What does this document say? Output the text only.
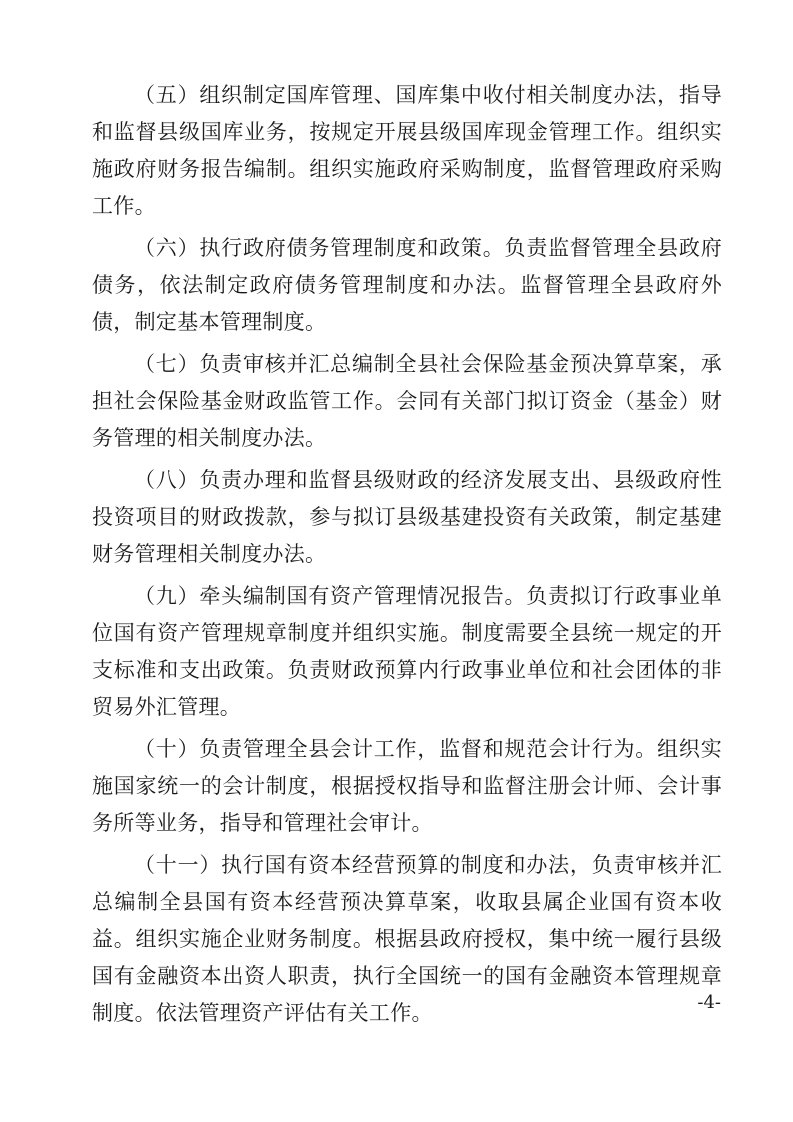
（五）组织制定国库管理、国库集中收付相关制度办法，指导和监督县级国库业务，按规定开展县级国库现金管理工作。组织实施政府财务报告编制。组织实施政府采购制度，监督管理政府采购工作。

（六）执行政府债务管理制度和政策。负责监督管理全县政府债务，依法制定政府债务管理制度和办法。监督管理全县政府外债，制定基本管理制度。

（七）负责审核并汇总编制全县社会保险基金预决算草案，承担社会保险基金财政监管工作。会同有关部门拟订资金（基金）财务管理的相关制度办法。

（八）负责办理和监督县级财政的经济发展支出、县级政府性投资项目的财政拨款，参与拟订县级基建投资有关政策，制定基建财务管理相关制度办法。

（九）牵头编制国有资产管理情况报告。负责拟订行政事业单位国有资产管理规章制度并组织实施。制度需要全县统一规定的开支标准和支出政策。负责财政预算内行政事业单位和社会团体的非贸易外汇管理。

（十）负责管理全县会计工作，监督和规范会计行为。组织实施国家统一的会计制度，根据授权指导和监督注册会计师、会计事务所等业务，指导和管理社会审计。

（十一）执行国有资本经营预算的制度和办法，负责审核并汇总编制全县国有资本经营预决算草案，收取县属企业国有资本收益。组织实施企业财务制度。根据县政府授权，集中统一履行县级国有金融资本出资人职责，执行全国统一的国有金融资本管理规章制度。依法管理资产评估有关工作。	-4-
